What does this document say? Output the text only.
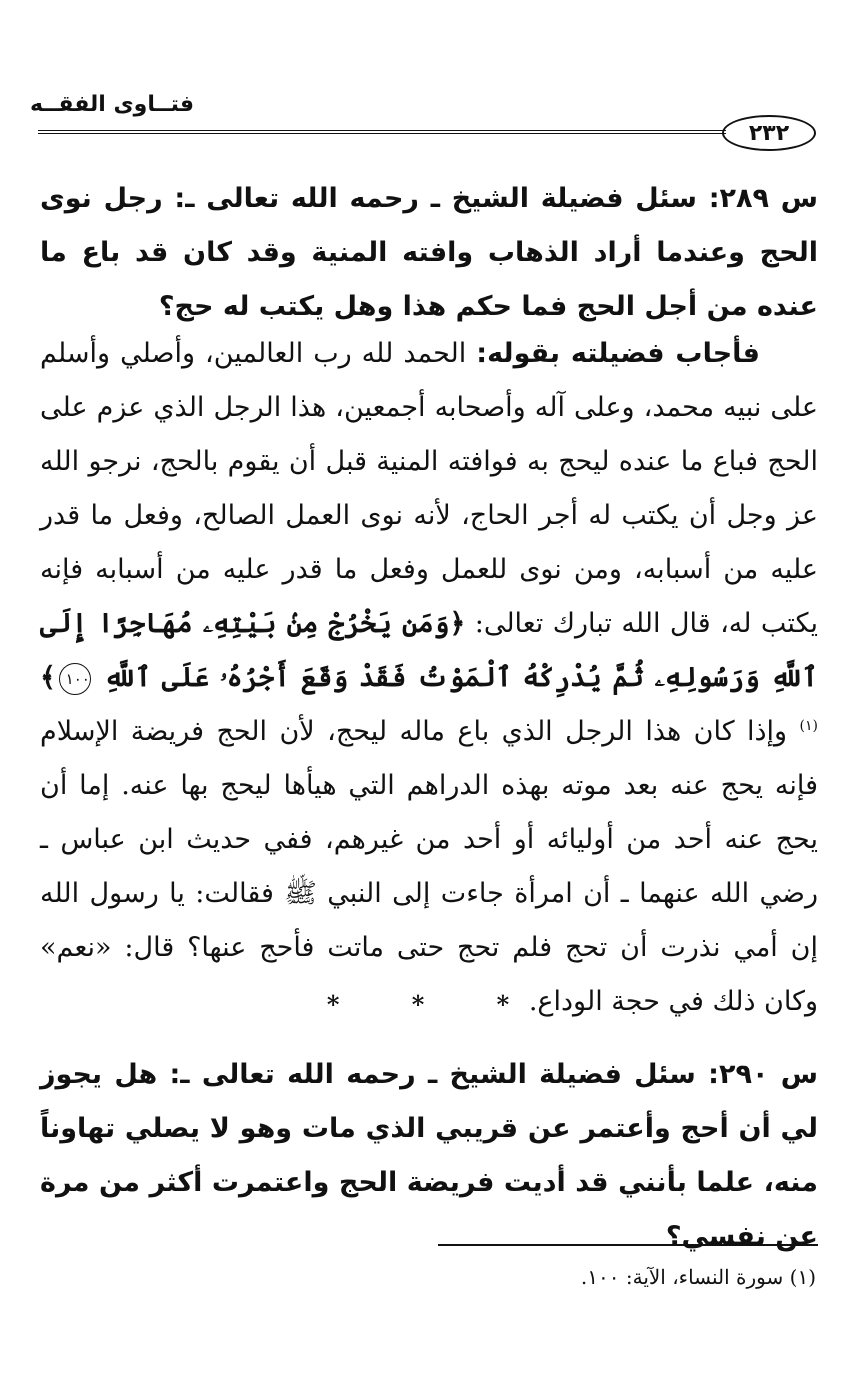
فتــاوى الفقــه
٢٣٢

س ٢٨٩: سئل فضيلة الشيخ ـ رحمه الله تعالى ـ: رجل نوى الحج وعندما أراد الذهاب وافته المنية وقد كان قد باع ما عنده من أجل الحج فما حكم هذا وهل يكتب له حج؟

فأجاب فضيلته بقوله: الحمد لله رب العالمين، وأصلي وأسلم على نبيه محمد، وعلى آله وأصحابه أجمعين، هذا الرجل الذي عزم على الحج فباع ما عنده ليحج به فوافته المنية قبل أن يقوم بالحج، نرجو الله عز وجل أن يكتب له أجر الحاج، لأنه نوى العمل الصالح، وفعل ما قدر عليه من أسبابه، ومن نوى للعمل وفعل ما قدر عليه من أسبابه فإنه يكتب له، قال الله تبارك تعالى: ﴿وَمَن يَخْرُجْ مِنۢ بَيْتِهِۦ مُهَاجِرًا إِلَى ٱللَّهِ وَرَسُولِهِۦ ثُمَّ يُدْرِكْهُ ٱلْمَوْتُ فَقَدْ وَقَعَ أَجْرُهُۥ عَلَى ٱللَّهِ ١٠٠﴾$^{(١)}$ وإذا كان هذا الرجل الذي باع ماله ليحج، لأن الحج فريضة الإسلام فإنه يحج عنه بعد موته بهذه الدراهم التي هيأها ليحج بها عنه. إما أن يحج عنه أحد من أوليائه أو أحد من غيرهم، ففي حديث ابن عباس ـ رضي الله عنهما ـ أن امرأة جاءت إلى النبي ﷺ فقالت: يا رسول الله إن أمي نذرت أن تحج فلم تحج حتى ماتت فأحج عنها؟ قال: «نعم» وكان ذلك في حجة الوداع.

* * *

س ٢٩٠: سئل فضيلة الشيخ ـ رحمه الله تعالى ـ: هل يجوز لي أن أحج وأعتمر عن قريبي الذي مات وهو لا يصلي تهاوناً منه، علما بأنني قد أديت فريضة الحج واعتمرت أكثر من مرة عن نفسي؟

(١) سورة النساء، الآية: ١٠٠.
